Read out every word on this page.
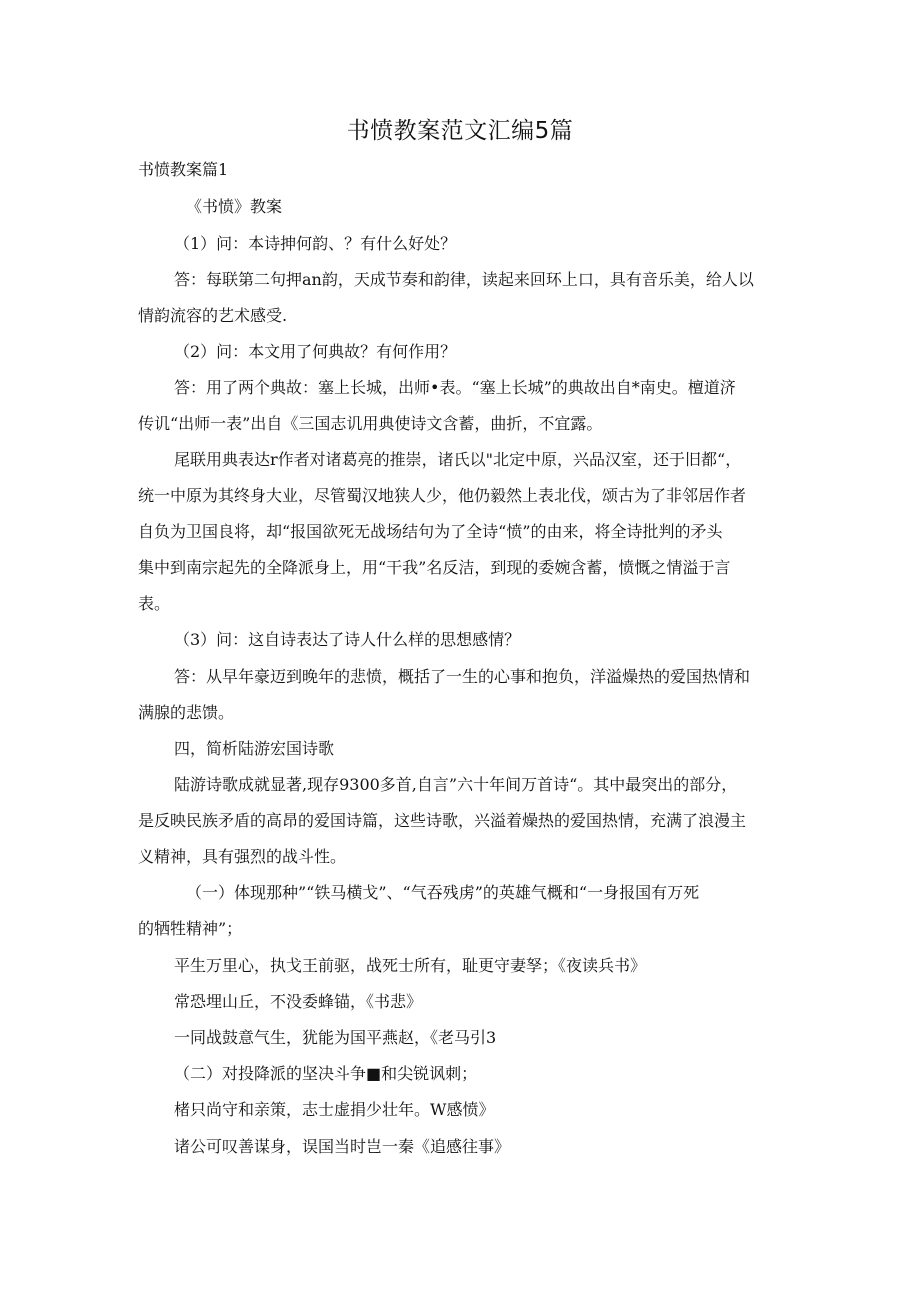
书愤教案范文汇编5篇
书愤教案篇1
《书愤》教案
（1）问：本诗抻何韵、？有什么好处？
答：每联第二句押an韵，天成节奏和韵律，读起来回环上口，具有音乐美，给人以
情韵流容的艺术感受.
（2）问：本文用了何典故？有何作用？
答：用了两个典故：塞上长城，出师•表。“塞上长城”的典故出自*南史。檀道济
传讥“出师一表”出自《三国志讥用典使诗文含蓄，曲折，不宜露。
尾联用典表达r作者对诸葛亮的推崇，诸氏以"北定中原，兴品汉室，还于旧都“，
统一中原为其终身大业，尽管蜀汉地狭人少，他仍毅然上表北伐，颂古为了非邻居作者
自负为卫国良将，却“报国欲死无战场结句为了全诗“愤”的由来，将全诗批判的矛头
集中到南宗起先的全降派身上，用“干我”名反洁，到现的委婉含蓄，愤慨之情溢于言
表。
（3）问：这自诗表达了诗人什么样的思想感情？
答：从早年豪迈到晚年的悲愤，概括了一生的心事和抱负，洋溢燥热的爱国热情和
满腺的悲馈。
四，简析陆游宏国诗歌
陆游诗歌成就显著,现存9300多首,自言”六十年间万首诗“。其中最突出的部分，
是反映民族矛盾的高昂的爱国诗篇，这些诗歌，兴溢着燥热的爱国热情，充满了浪漫主
义精神，具有强烈的战斗性。
（一）体现那种”“铁马横戈”、“气吞残虏”的英雄气概和“一身报国有万死
的牺牲精神”；
平生万里心，执戈王前驱，战死士所有，耻更守妻孥；《夜读兵书》
常恐埋山丘，不没委蜂锚，《书悲》
一同战鼓意气生，犹能为国平燕赵，《老马引3
（二）对投降派的坚决斗争■和尖锐讽刺；
楮只尚守和亲策，志士虚捐少壮年。W感愤》
诸公可叹善谋身，误国当时岂一秦《追感往事》
